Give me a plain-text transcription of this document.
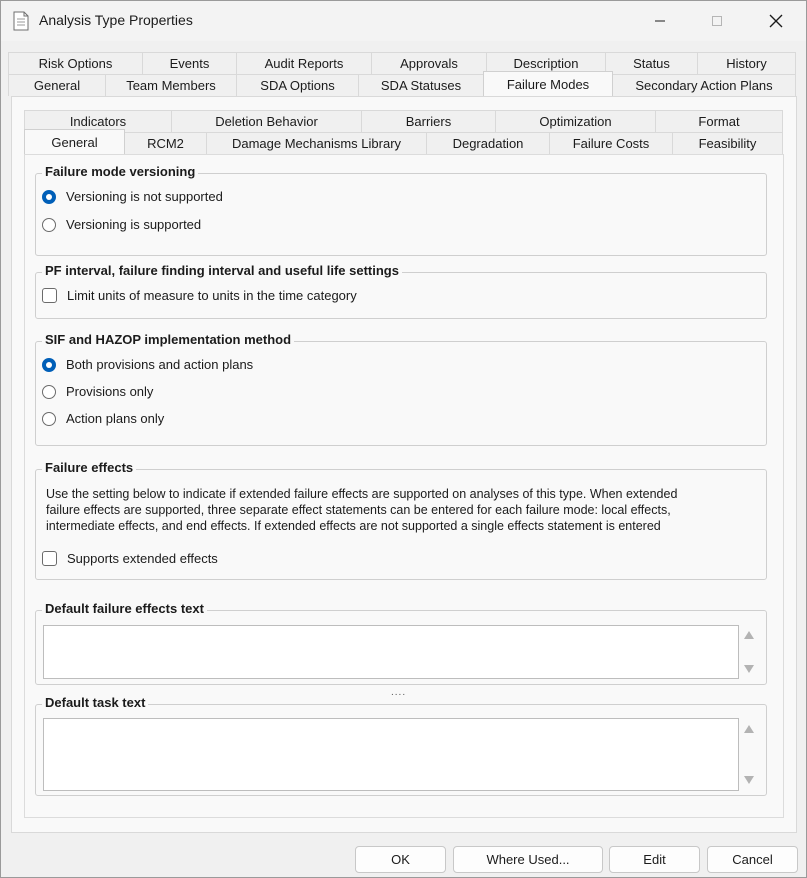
Analysis Type Properties
Risk Options	Events	Audit Reports	Approvals	Description	Status	History
General	Team Members	SDA Options	SDA Statuses	Failure Modes	Secondary Action Plans
Indicators	Deletion Behavior	Barriers	Optimization	Format
General	RCM2	Damage Mechanisms Library	Degradation	Failure Costs	Feasibility
Failure mode versioning
Versioning is not supported
Versioning is supported
PF interval, failure finding interval and useful life settings
Limit units of measure to units in the time category
SIF and HAZOP implementation method
Both provisions and action plans
Provisions only
Action plans only
Failure effects
Use the setting below to indicate if extended failure effects are supported on analyses of this type. When extended
failure effects are supported, three separate effect statements can be entered for each failure mode: local effects,
intermediate effects, and end effects. If extended effects are not supported a single effects statement is entered
Supports extended effects
Default failure effects text
....
Default task text
OK	Where Used...	Edit	Cancel
